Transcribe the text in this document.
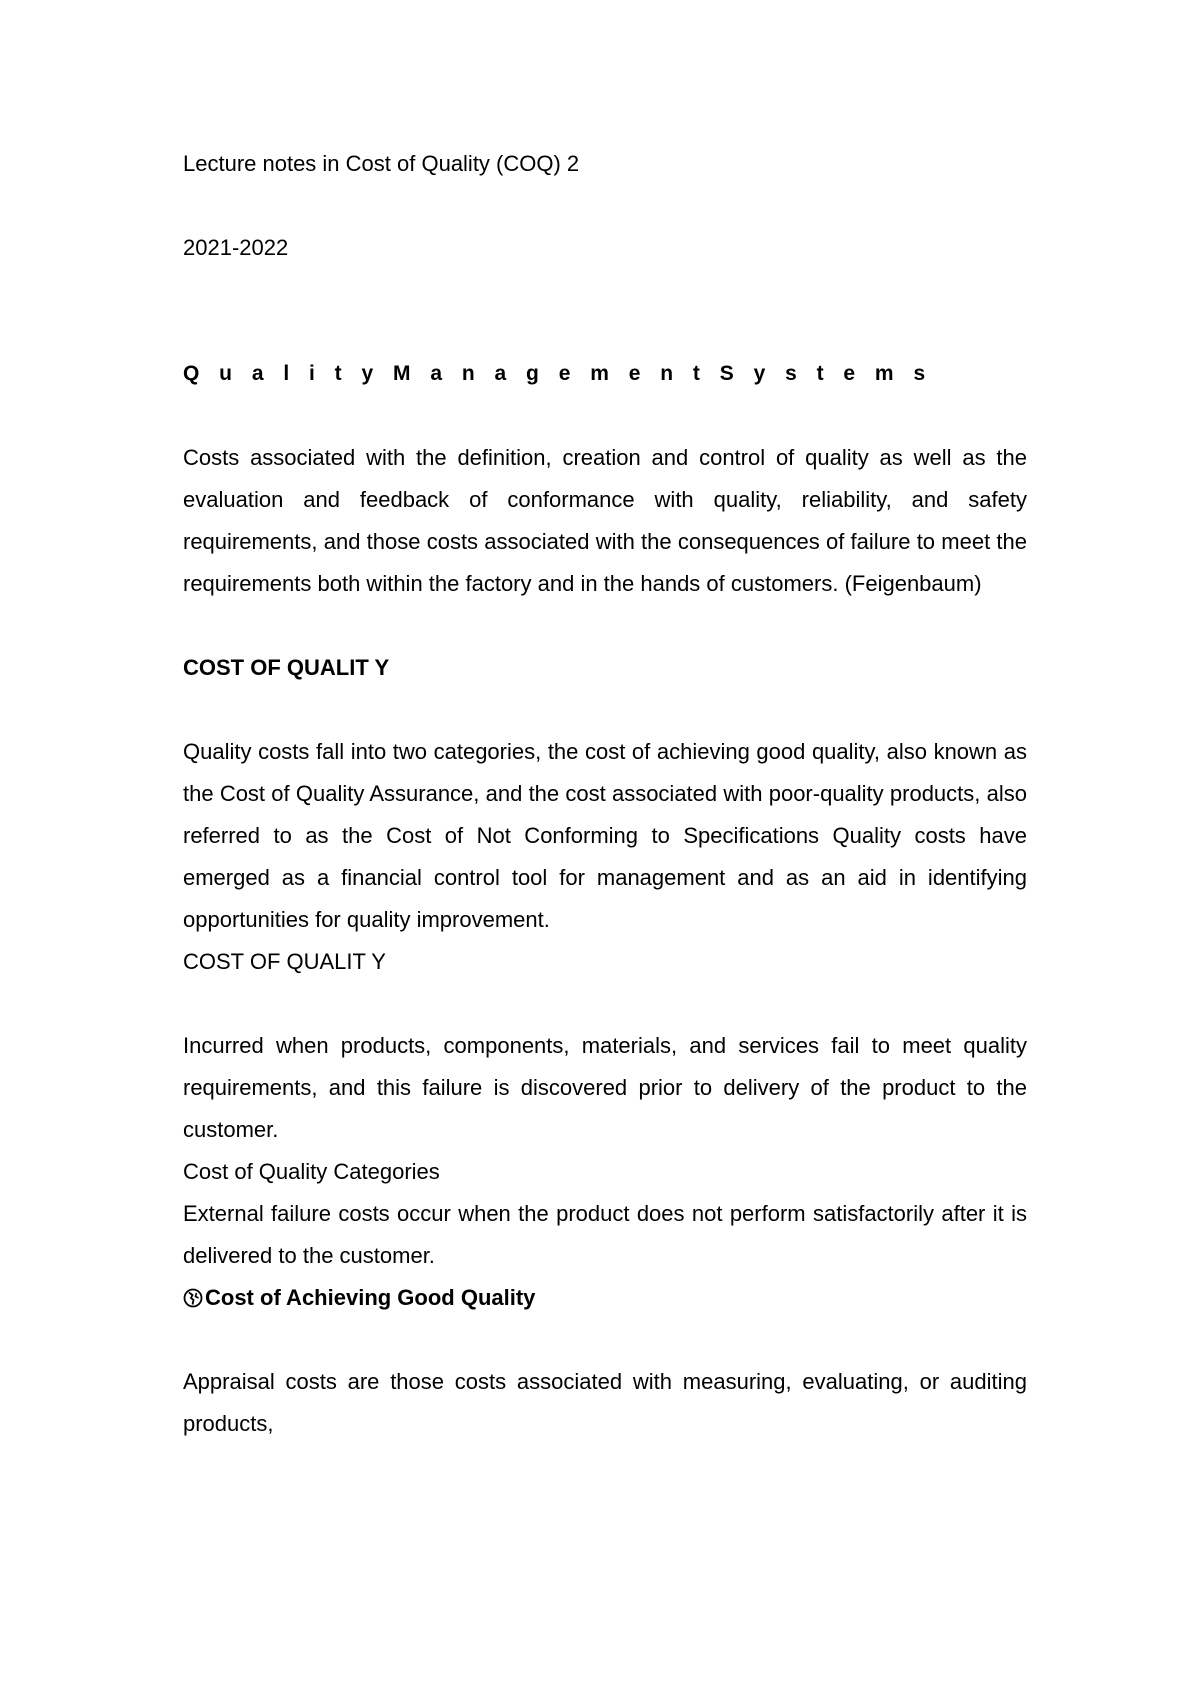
Lecture notes in Cost of Quality (COQ) 2

2021-2022

Q u a l i t y M a n a g e m e n t S y s t e m s

Costs associated with the definition, creation and control of quality as well as the evaluation and feedback of conformance with quality, reliability, and safety requirements, and those costs associated with the consequences of failure to meet the requirements both within the factory and in the hands of customers. (Feigenbaum)

COST OF QUALIT Y

Quality costs fall into two categories, the cost of achieving good quality, also known as the Cost of Quality Assurance, and the cost associated with poor-quality products, also referred to as the Cost of Not Conforming to Specifications Quality costs have emerged as a financial control tool for management and as an aid in identifying opportunities for quality improvement.

COST OF QUALIT Y

Incurred when products, components, materials, and services fail to meet quality requirements, and this failure is discovered prior to delivery of the product to the customer.

Cost of Quality Categories

External failure costs occur when the product does not perform satisfactorily after it is delivered to the customer.

Cost of Achieving Good Quality

Appraisal costs are those costs associated with measuring, evaluating, or auditing products,
